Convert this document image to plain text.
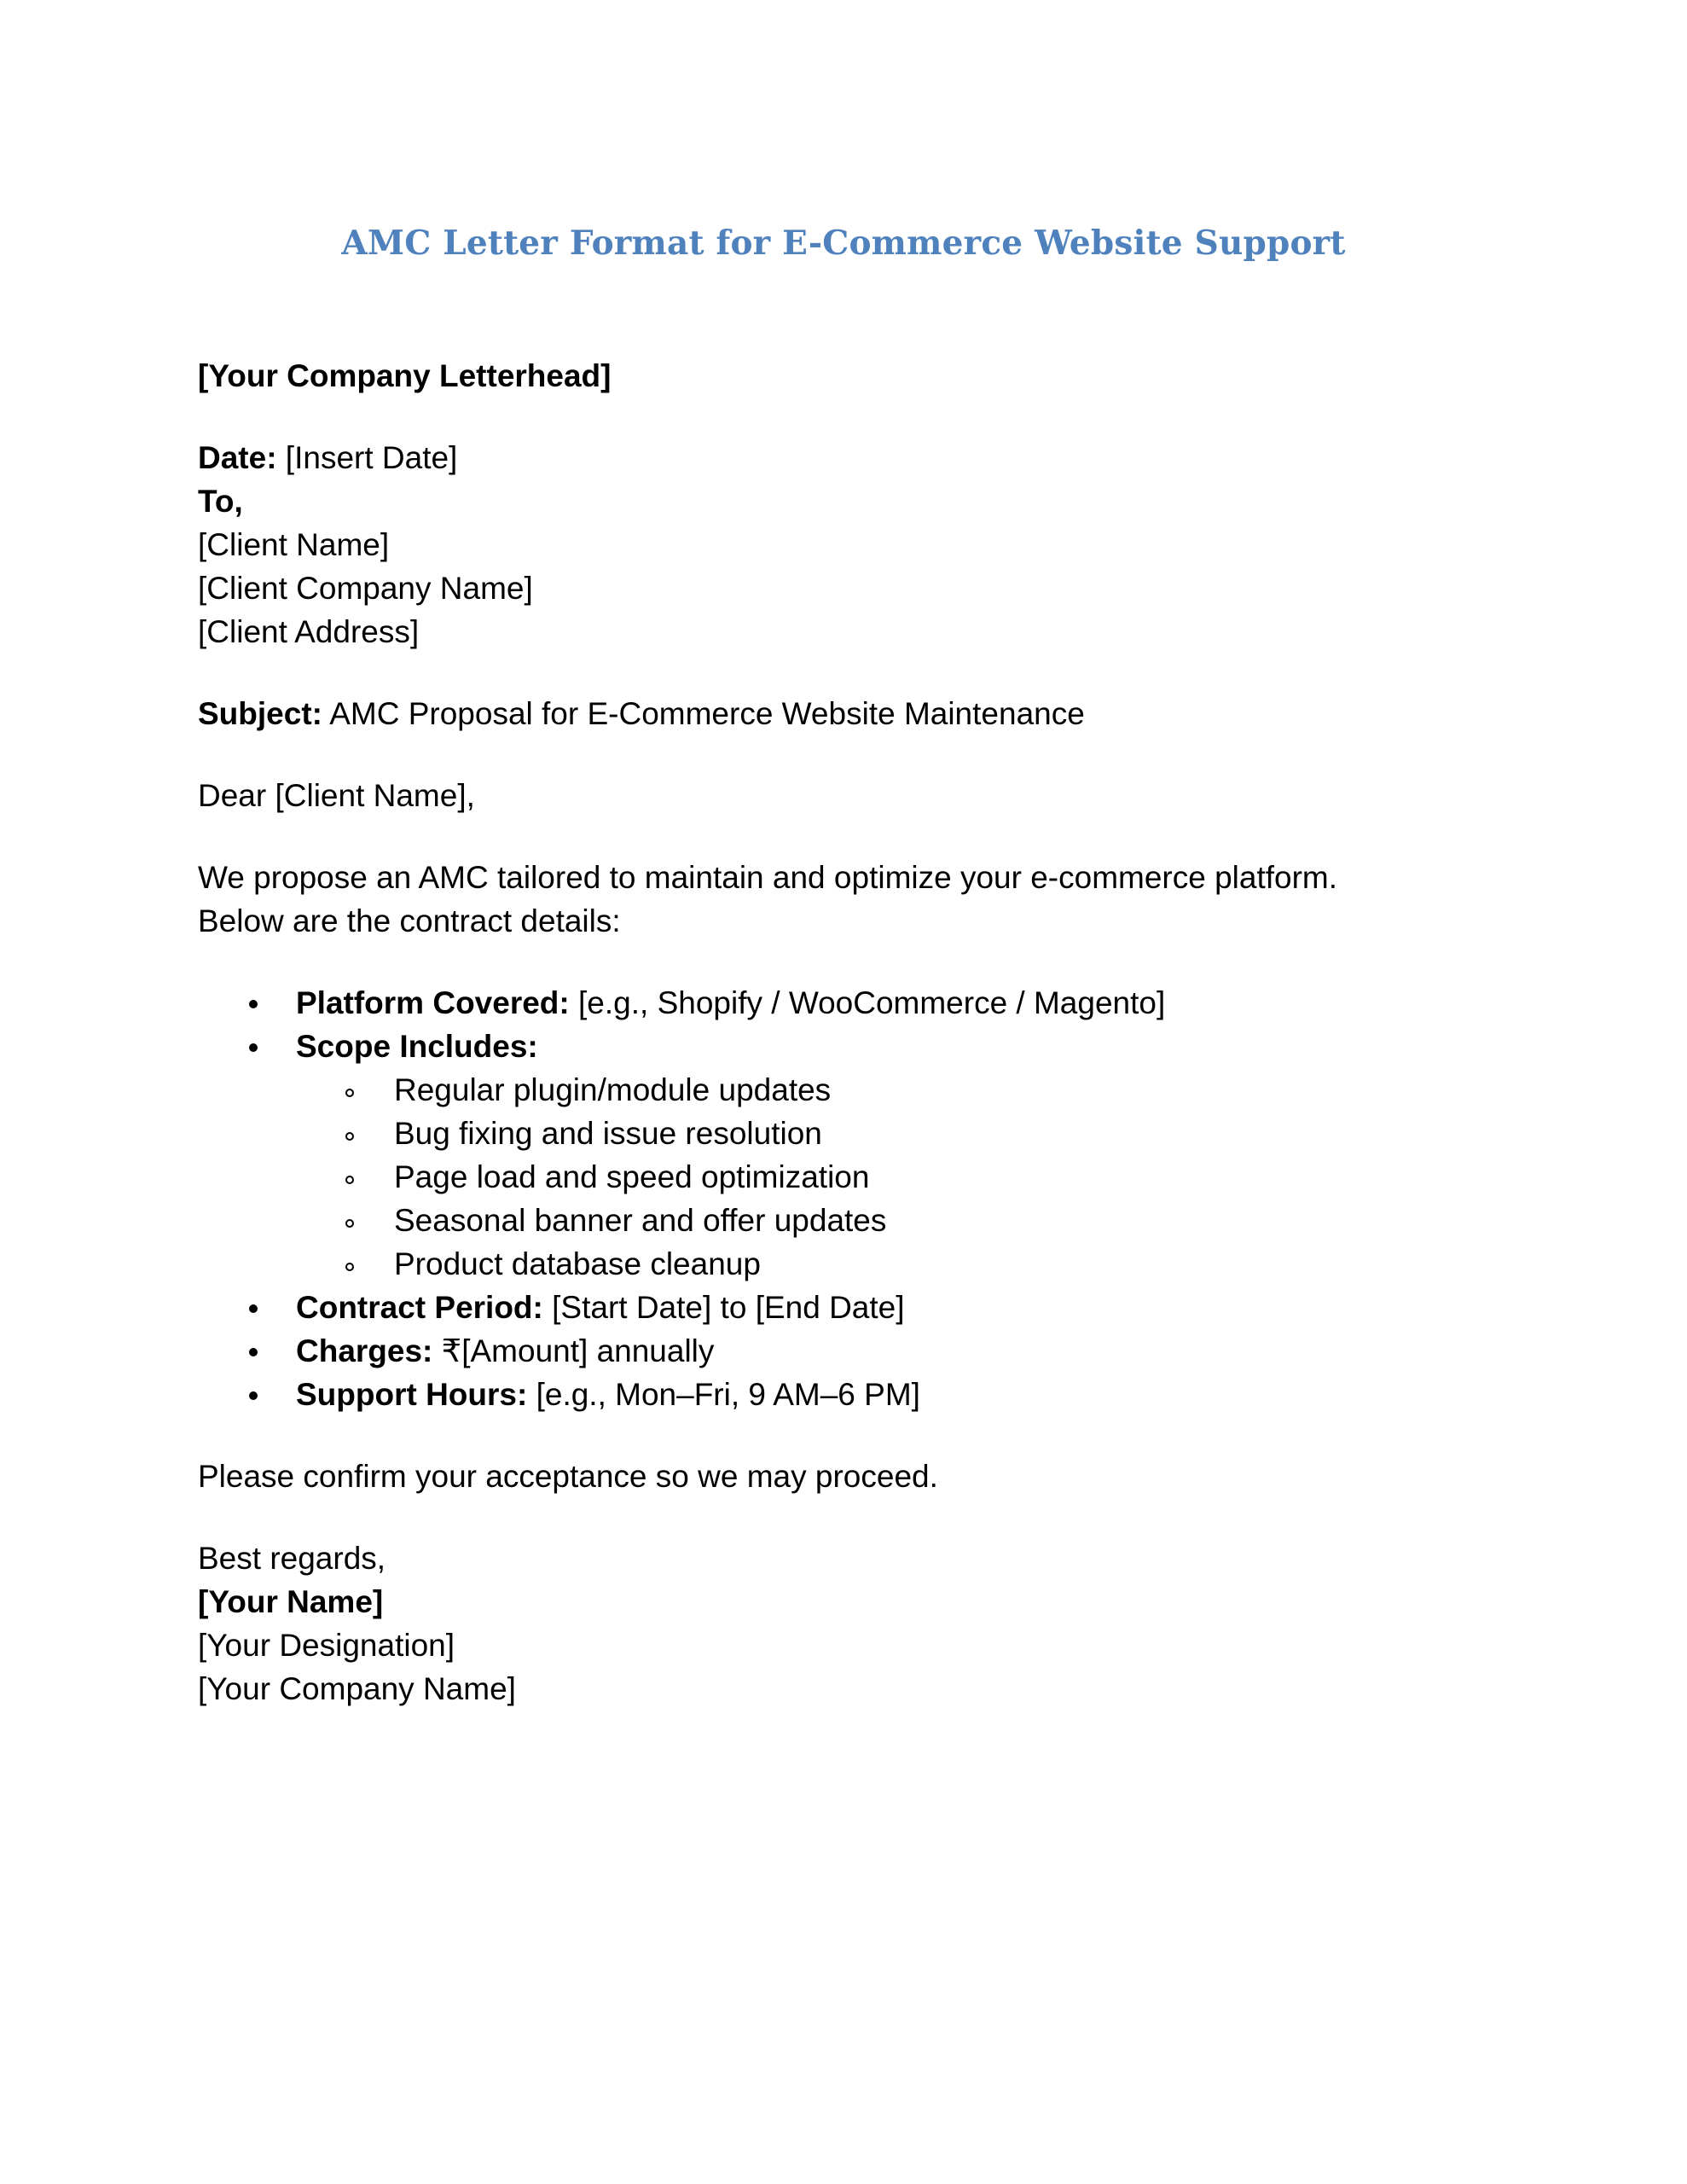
AMC Letter Format for E-Commerce Website Support
[Your Company Letterhead]
Date: [Insert Date]
To,
[Client Name]
[Client Company Name]
[Client Address]
Subject: AMC Proposal for E-Commerce Website Maintenance
Dear [Client Name],
We propose an AMC tailored to maintain and optimize your e-commerce platform.
Below are the contract details:
Platform Covered: [e.g., Shopify / WooCommerce / Magento]
Scope Includes:
Regular plugin/module updates
Bug fixing and issue resolution
Page load and speed optimization
Seasonal banner and offer updates
Product database cleanup
Contract Period: [Start Date] to [End Date]
Charges: ₹[Amount] annually
Support Hours: [e.g., Mon–Fri, 9 AM–6 PM]
Please confirm your acceptance so we may proceed.
Best regards,
[Your Name]
[Your Designation]
[Your Company Name]
